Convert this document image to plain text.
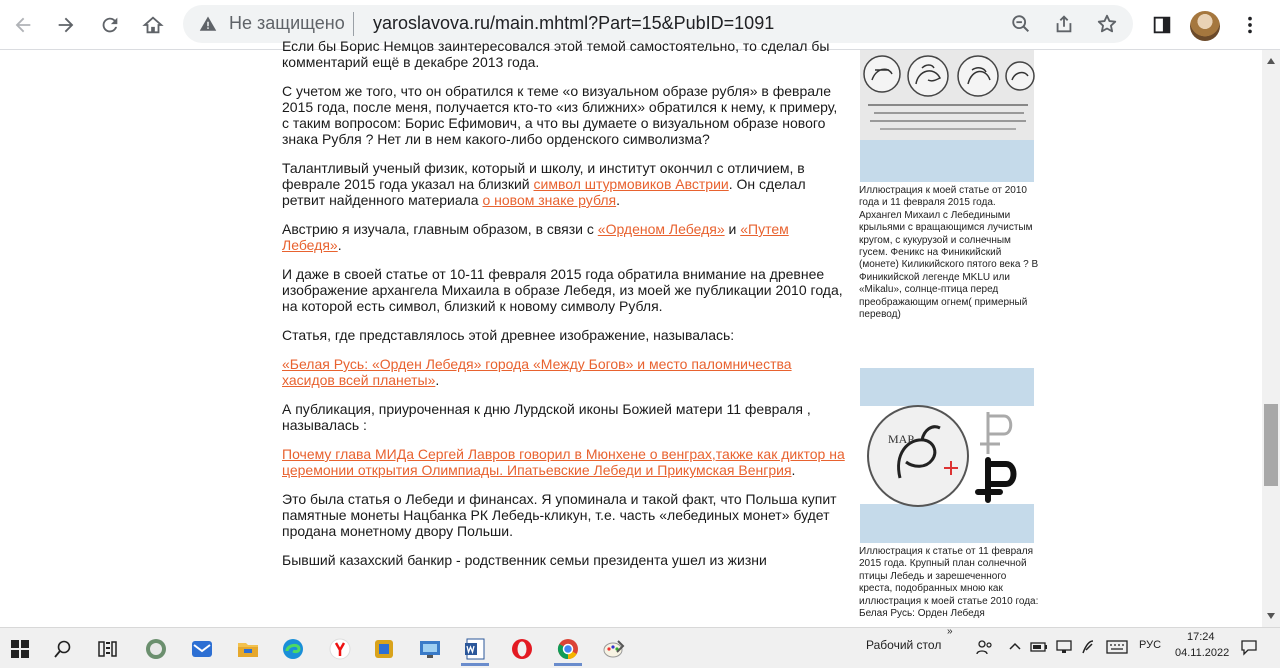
Не защищено yaroslavova.ru/main.mhtml?Part=15&PubID=1091

Если бы Борис Немцов заинтересовался этой темой самостоятельно, то сделал бы комментарий ещё в декабре 2013 года.

С учетом же того, что он обратился к теме «о визуальном образе рубля» в феврале 2015 года, после меня, получается кто-то «из ближних» обратился к нему, к примеру, с таким вопросом: Борис Ефимович, а что вы думаете о визуальном образе нового знака Рубля ? Нет ли в нем какого-либо орденского символизма?

Талантливый ученый физик, который и школу, и институт окончил с отличием, в феврале 2015 года указал на близкий символ штурмовиков Австрии. Он сделал ретвит найденного материала о новом знаке рубля.

Австрию я изучала, главным образом, в связи с «Орденом Лебедя» и «Путем Лебедя».

И даже в своей статье от 10-11 февраля 2015 года обратила внимание на древнее изображение архангела Михаила в образе Лебедя, из моей же публикации 2010 года, на которой есть символ, близкий к новому символу Рубля.

Статья, где представлялось этой древнее изображение, называлась:

«Белая Русь: «Орден Лебедя» города «Между Богов» и место паломничества хасидов всей планеты».

А публикация, приуроченная к дню Лурдской иконы Божией матери 11 февраля , называлась :

Почему глава МИДа Сергей Лавров говорил в Мюнхене о венграх,также как диктор на церемонии открытия Олимпиады. Ипатьевские Лебеди и Прикумская Венгрия.

Это была статья о Лебеди и финансах. Я упоминала и такой факт, что Польша купит памятные монеты Нацбанка РК Лебедь-кликун, т.е. часть «лебединых монет» будет продана монетному двору Польши.

Бывший казахский банкир - родственник семьи президента ушел из жизни

Иллюстрация к моей статье от 2010 года и 11 февраля 2015 года. Архангел Михаил с Лебедиными крыльями с вращающимся лучистым кругом, с кукурузой и солнечным гусем. Феникс на Финикийский (монете) Киликийского пятого века ? В Финикийской легенде MKLU или «Mikalu», солнце-птица перед преображающим огнем( примерный перевод)
MAP
Иллюстрация к статье от 11 февраля 2015 года. Крупный план солнечной птицы Лебедь и зарешеченного креста, подобранных мною как иллюстрация к моей статье 2010 года: Белая Русь: Орден Лебедя
Рабочий стол
»
РУС
17:24
04.11.2022
